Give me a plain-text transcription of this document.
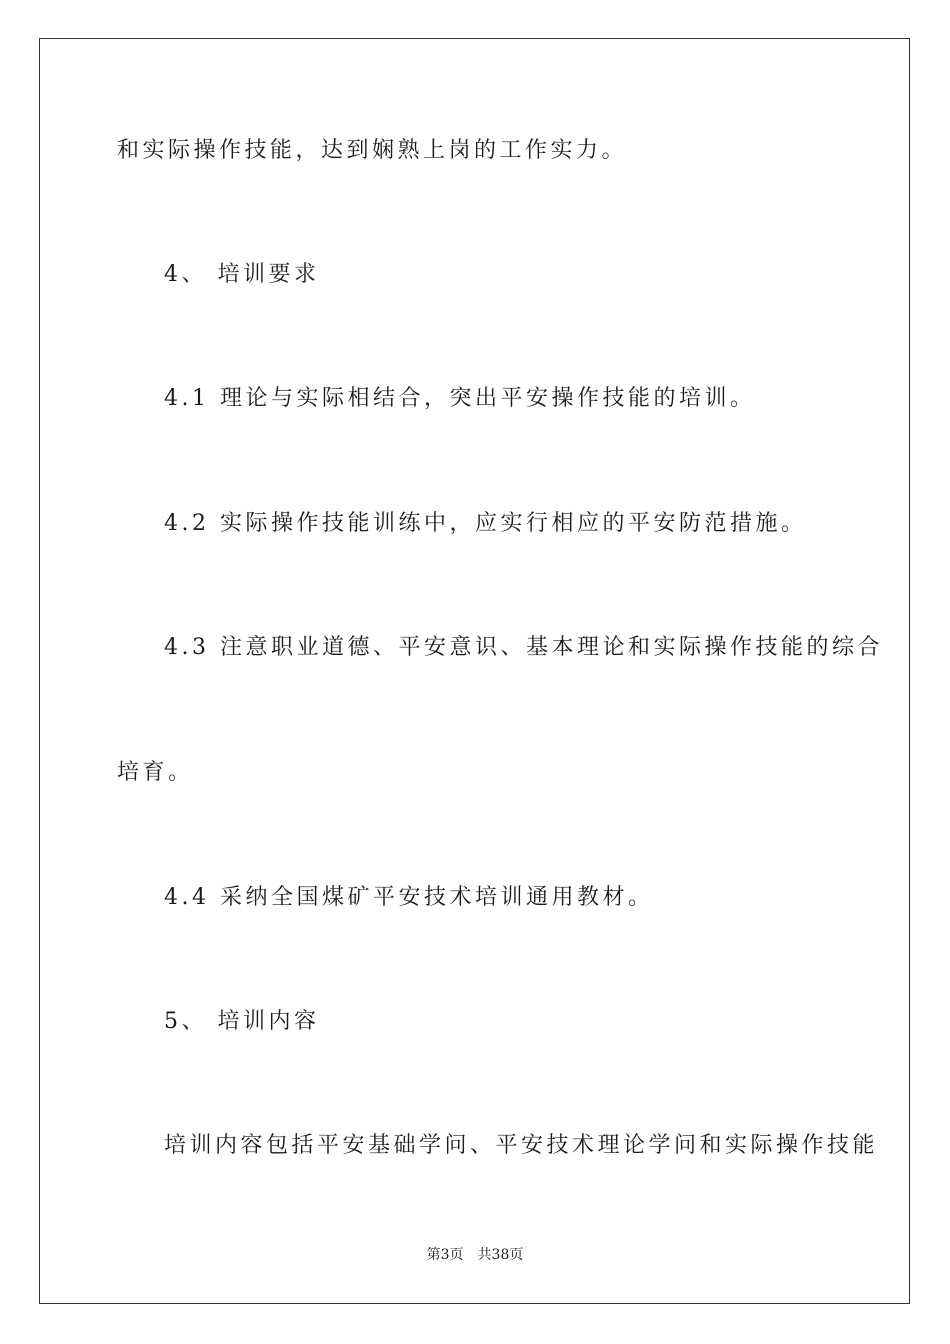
和实际操作技能，达到娴熟上岗的工作实力。
4、 培训要求
4.1 理论与实际相结合，突出平安操作技能的培训。
4.2 实际操作技能训练中，应实行相应的平安防范措施。
4.3 注意职业道德、平安意识、基本理论和实际操作技能的综合
培育。
4.4 采纳全国煤矿平安技术培训通用教材。
5、 培训内容
培训内容包括平安基础学问、平安技术理论学问和实际操作技能
第3页 共38页
